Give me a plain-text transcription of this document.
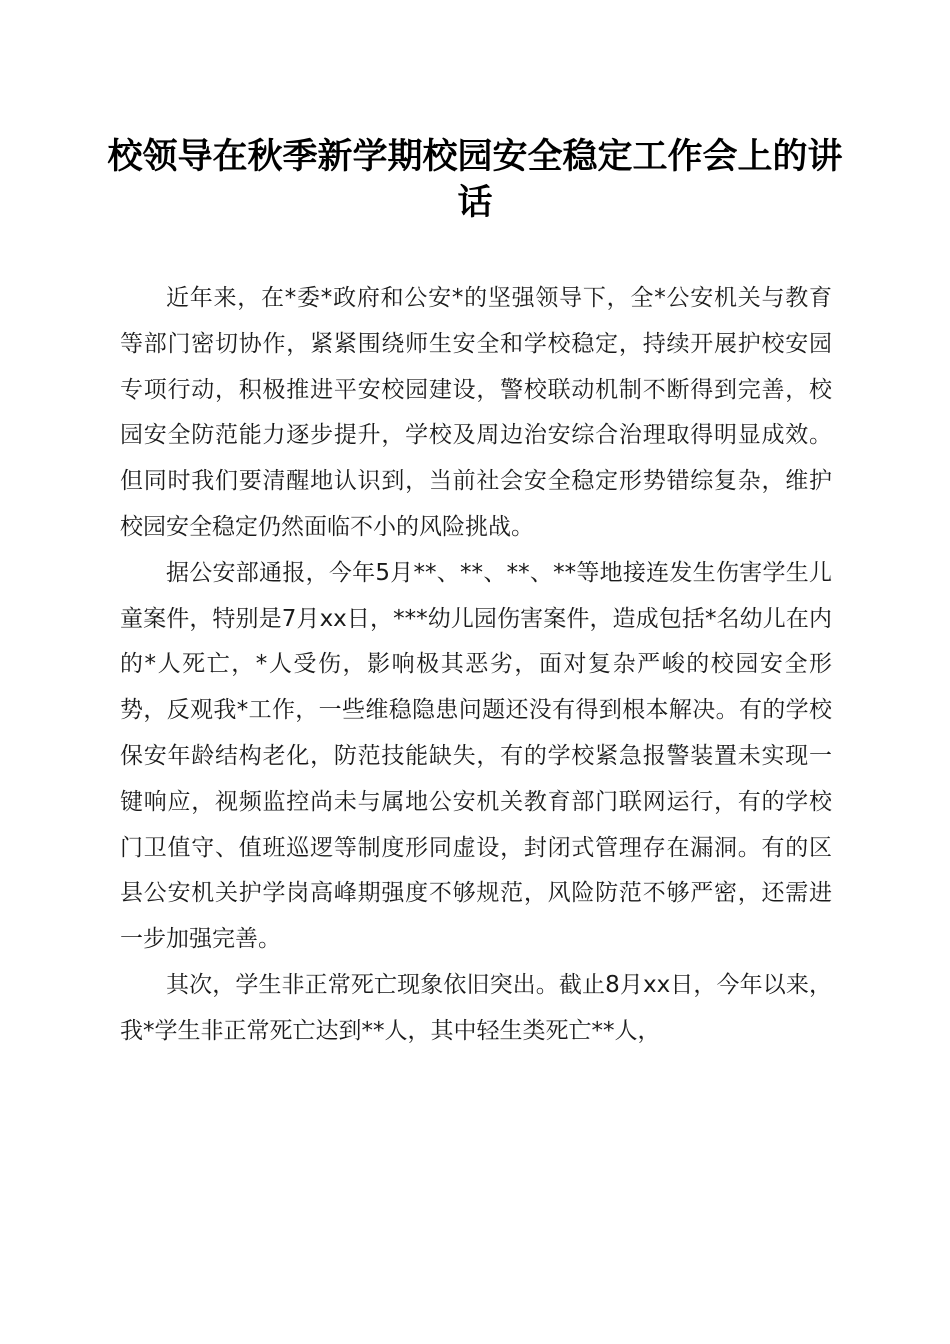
校领导在秋季新学期校园安全稳定工作会上的讲话

近年来，在*委*政府和公安*的坚强领导下，全*公安机关与教育等部门密切协作，紧紧围绕师生安全和学校稳定，持续开展护校安园专项行动，积极推进平安校园建设，警校联动机制不断得到完善，校园安全防范能力逐步提升，学校及周边治安综合治理取得明显成效。但同时我们要清醒地认识到，当前社会安全稳定形势错综复杂，维护校园安全稳定仍然面临不小的风险挑战。

据公安部通报，今年5月**、**、**、**等地接连发生伤害学生儿童案件，特别是7月xx日，***幼儿园伤害案件，造成包括*名幼儿在内的*人死亡，*人受伤，影响极其恶劣，面对复杂严峻的校园安全形势，反观我*工作，一些维稳隐患问题还没有得到根本解决。有的学校保安年龄结构老化，防范技能缺失，有的学校紧急报警装置未实现一键响应，视频监控尚未与属地公安机关教育部门联网运行，有的学校门卫值守、值班巡逻等制度形同虚设，封闭式管理存在漏洞。有的区县公安机关护学岗高峰期强度不够规范，风险防范不够严密，还需进一步加强完善。

其次，学生非正常死亡现象依旧突出。截止8月xx日，今年以来，我*学生非正常死亡达到**人，其中轻生类死亡**人，
